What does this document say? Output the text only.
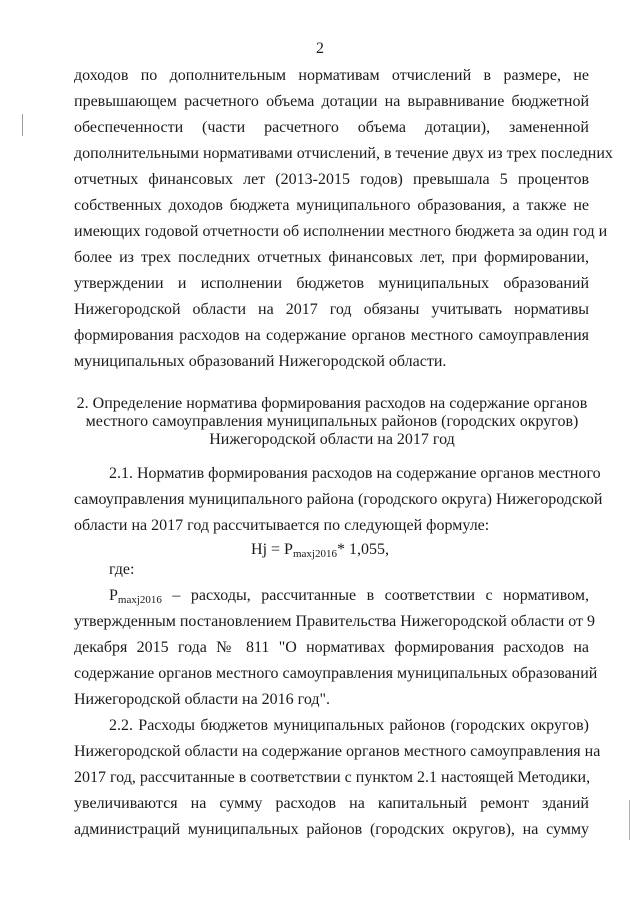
2
доходов по дополнительным нормативам отчислений в размере, не
превышающем расчетного объема дотации на выравнивание бюджетной
обеспеченности (части расчетного объема дотации), замененной
дополнительными нормативами отчислений, в течение двух из трех последних
отчетных финансовых лет (2013-2015 годов) превышала 5 процентов
собственных доходов бюджета муниципального образования, а также не
имеющих годовой отчетности об исполнении местного бюджета за один год и
более из трех последних отчетных финансовых лет, при формировании,
утверждении и исполнении бюджетов муниципальных образований
Нижегородской области на 2017 год обязаны учитывать нормативы
формирования расходов на содержание органов местного самоуправления
муниципальных образований Нижегородской области.
2. Определение норматива формирования расходов на содержание органов
местного самоуправления муниципальных районов (городских округов)
Нижегородской области на 2017 год
2.1. Норматив формирования расходов на содержание органов местного
самоуправления муниципального района (городского округа) Нижегородской
области на 2017 год рассчитывается по следующей формуле:
$Hj = P_{maxj2016}*$ 1,055,
где:
$P_{maxj2016}$ – расходы, рассчитанные в соответствии с нормативом,
утвержденным постановлением Правительства Нижегородской области от 9
декабря 2015 года № 811 "О нормативах формирования расходов на
содержание органов местного самоуправления муниципальных образований
Нижегородской области на 2016 год".
2.2. Расходы бюджетов муниципальных районов (городских округов)
Нижегородской области на содержание органов местного самоуправления на
2017 год, рассчитанные в соответствии с пунктом 2.1 настоящей Методики,
увеличиваются на сумму расходов на капитальный ремонт зданий
администраций муниципальных районов (городских округов), на сумму
